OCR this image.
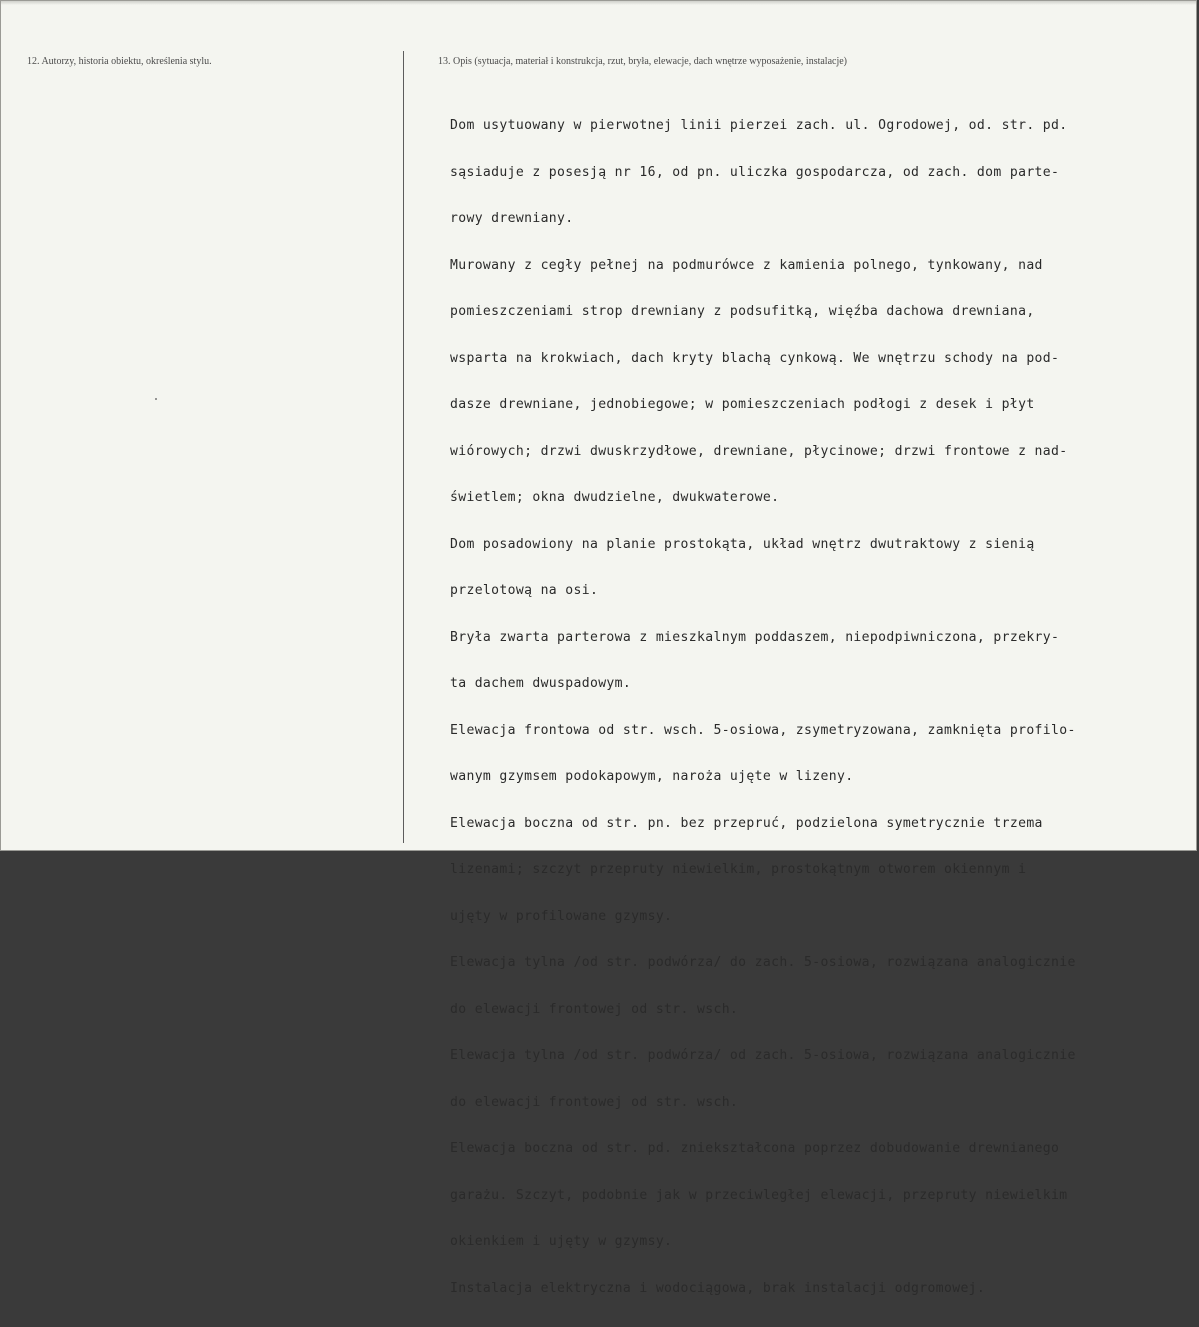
12. Autorzy, historia obiektu, określenia stylu.	13. Opis (sytuacja, materiał i konstrukcja, rzut, bryła, elewacje, dach wnętrze wyposażenie, instalacje)

Dom usytuowany w pierwotnej linii pierzei zach. ul. Ogrodowej, od. str. pd.

sąsiaduje z posesją nr 16, od pn. uliczka gospodarcza, od zach. dom parte-

rowy drewniany.

Murowany z cegły pełnej na podmurówce z kamienia polnego, tynkowany, nad

pomieszczeniami strop drewniany z podsufitką, więźba dachowa drewniana,

wsparta na krokwiach, dach kryty blachą cynkową. We wnętrzu schody na pod-

dasze drewniane, jednobiegowe; w pomieszczeniach podłogi z desek i płyt

wiórowych; drzwi dwuskrzydłowe, drewniane, płycinowe; drzwi frontowe z nad-

świetlem; okna dwudzielne, dwukwaterowe.

Dom posadowiony na planie prostokąta, układ wnętrz dwutraktowy z sienią

przelotową na osi.

Bryła zwarta parterowa z mieszkalnym poddaszem, niepodpiwniczona, przekry-

ta dachem dwuspadowym.

Elewacja frontowa od str. wsch. 5-osiowa, zsymetryzowana, zamknięta profilo-

wanym gzymsem podokapowym, naroża ujęte w lizeny.

Elewacja boczna od str. pn. bez przepruć, podzielona symetrycznie trzema

lizenami; szczyt przepruty niewielkim, prostokątnym otworem okiennym i

ujęty w profilowane gzymsy.

Elewacja tylna /od str. podwórza/ do zach. 5-osiowa, rozwiązana analogicznie

do elewacji frontowej od str. wsch.

Elewacja tylna /od str. podwórza/ od zach. 5-osiowa, rozwiązana analogicznie

do elewacji frontowej od str. wsch.

Elewacja boczna od str. pd. zniekształcona poprzez dobudowanie drewnianego

garażu. Szczyt, podobnie jak w przeciwległej elewacji, przepruty niewielkim

okienkiem i ujęty w gzymsy.

Instalacja elektryczna i wodociągowa, brak instalacji odgromowej.
